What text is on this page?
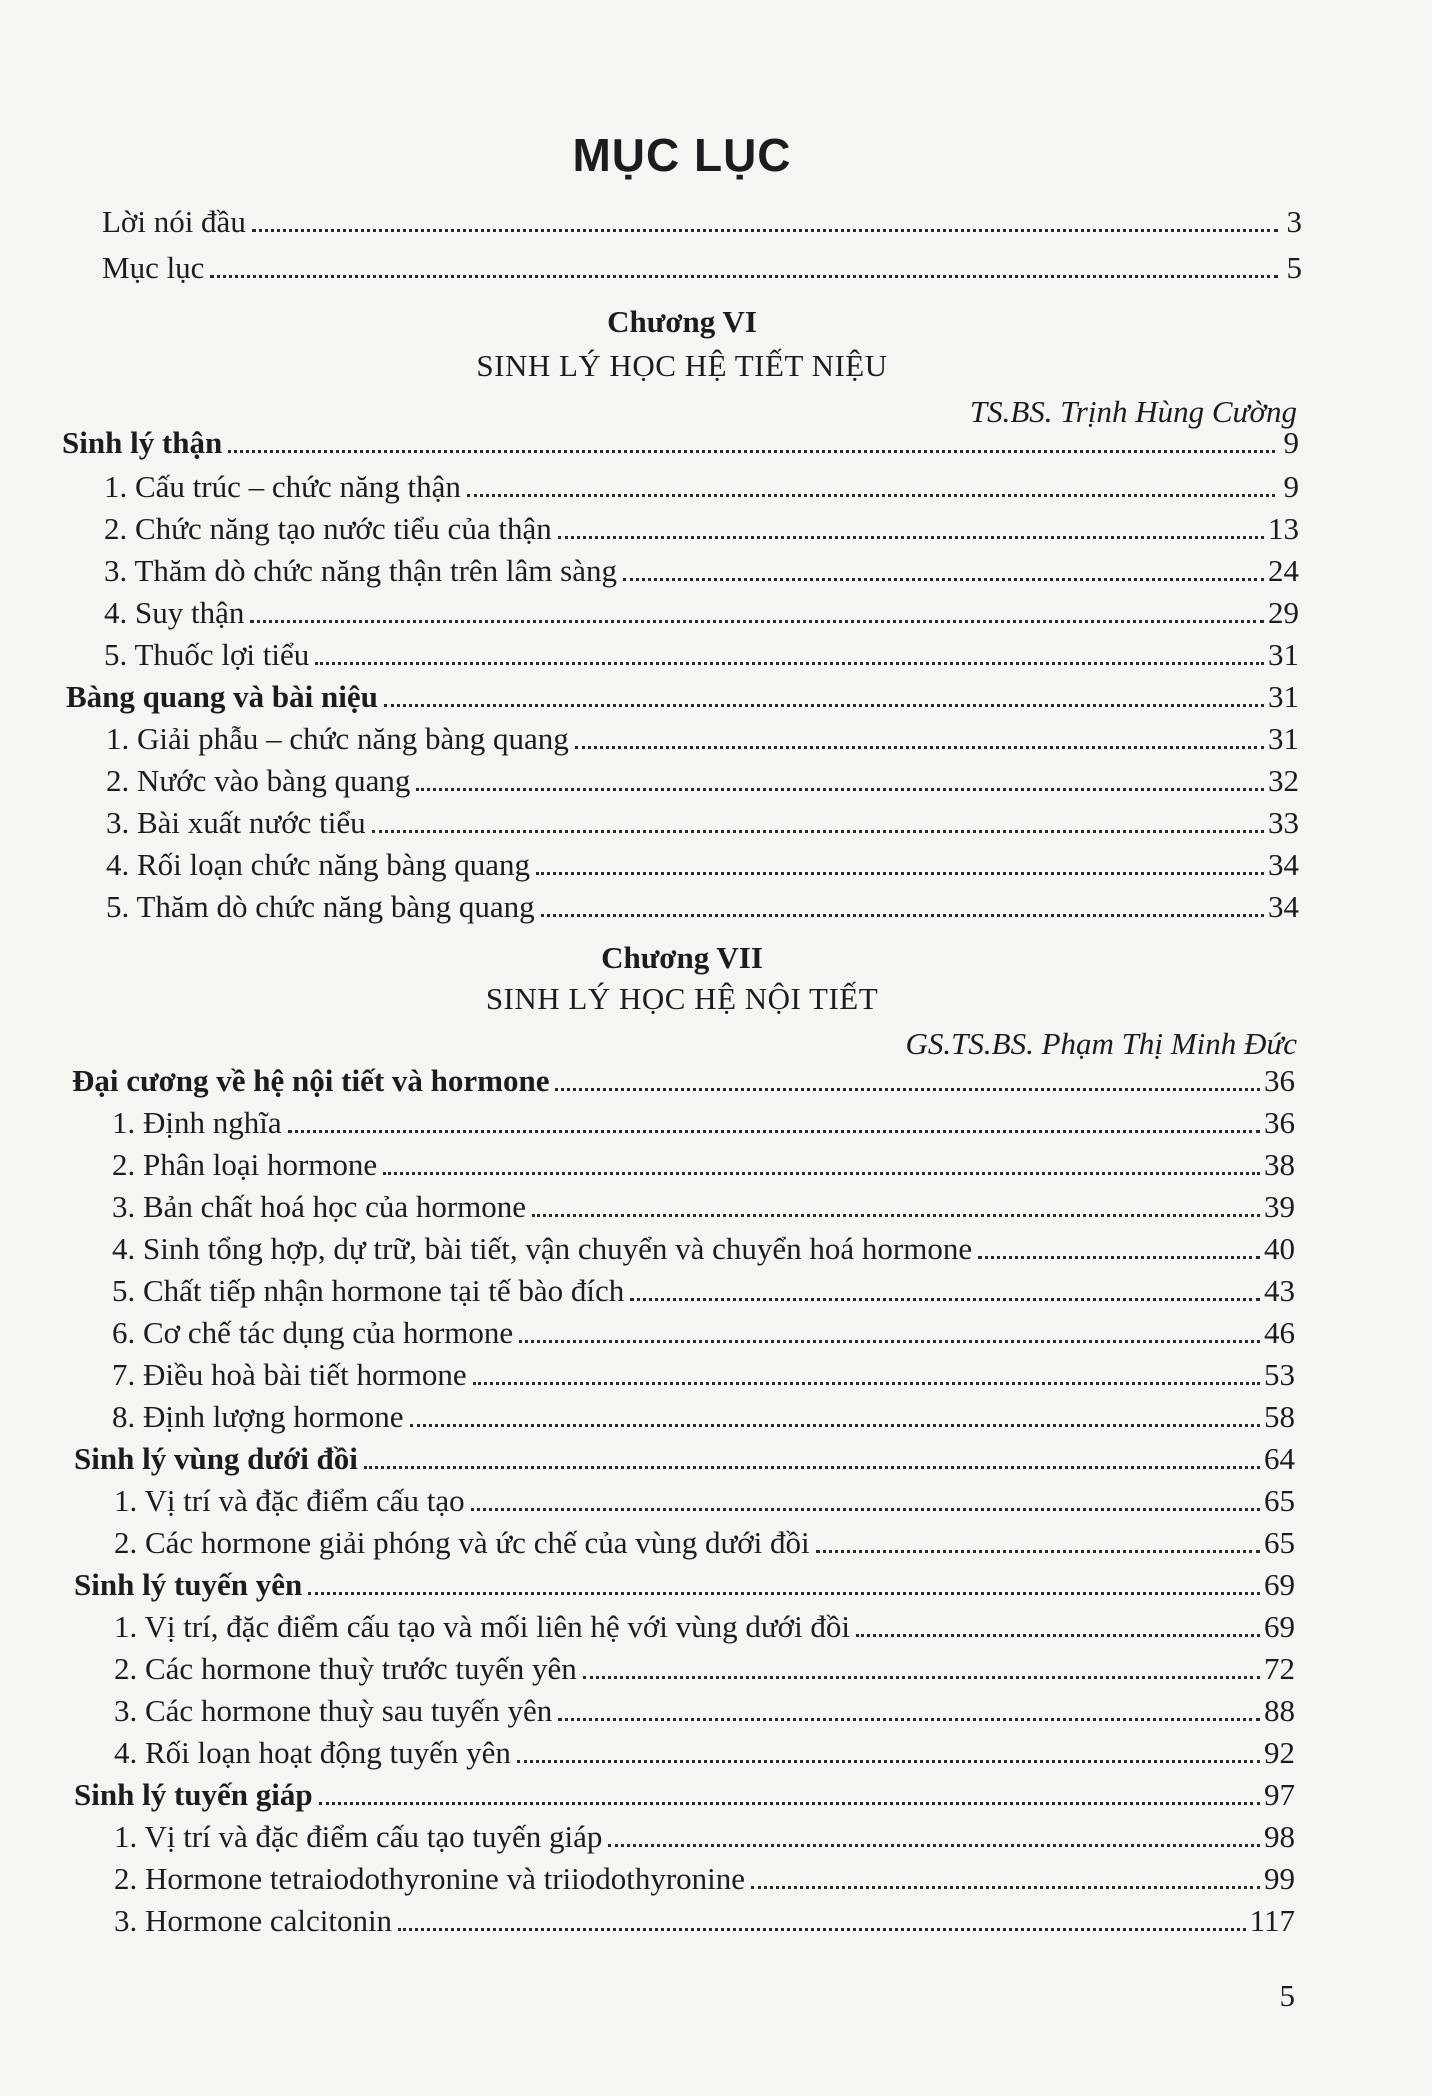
MỤC LỤC
Lời nói đầu	3
Mục lục	5
Chương VI
SINH LÝ HỌC HỆ TIẾT NIỆU
TS.BS. Trịnh Hùng Cường
Sinh lý thận	9
1. Cấu trúc – chức năng thận	9
2. Chức năng tạo nước tiểu của thận	13
3. Thăm dò chức năng thận trên lâm sàng	24
4. Suy thận	29
5. Thuốc lợi tiểu	31
Bàng quang và bài niệu	31
1. Giải phẫu – chức năng bàng quang	31
2. Nước vào bàng quang	32
3. Bài xuất nước tiểu	33
4. Rối loạn chức năng bàng quang	34
5. Thăm dò chức năng bàng quang	34
Chương VII
SINH LÝ HỌC HỆ NỘI TIẾT
GS.TS.BS. Phạm Thị Minh Đức
Đại cương về hệ nội tiết và hormone	36
1. Định nghĩa	36
2. Phân loại hormone	38
3. Bản chất hoá học của hormone	39
4. Sinh tổng hợp, dự trữ, bài tiết, vận chuyển và chuyển hoá hormone	40
5. Chất tiếp nhận hormone tại tế bào đích	43
6. Cơ chế tác dụng của hormone	46
7. Điều hoà bài tiết hormone	53
8. Định lượng hormone	58
Sinh lý vùng dưới đồi	64
1. Vị trí và đặc điểm cấu tạo	65
2. Các hormone giải phóng và ức chế của vùng dưới đồi	65
Sinh lý tuyến yên	69
1. Vị trí, đặc điểm cấu tạo và mối liên hệ với vùng dưới đồi	69
2. Các hormone thuỳ trước tuyến yên	72
3. Các hormone thuỳ sau tuyến yên	88
4. Rối loạn hoạt động tuyến yên	92
Sinh lý tuyến giáp	97
1. Vị trí và đặc điểm cấu tạo tuyến giáp	98
2. Hormone tetraiodothyronine và triiodothyronine	99
3. Hormone calcitonin	117
5
